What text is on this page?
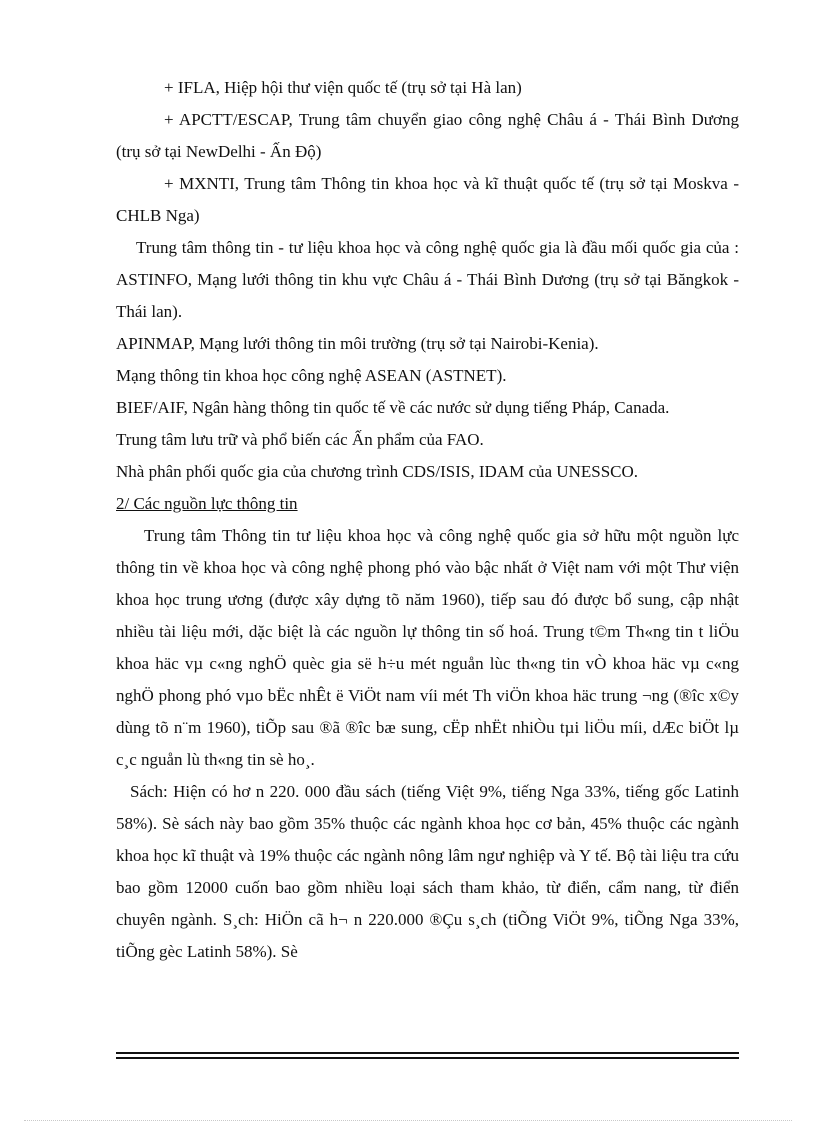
+ IFLA, Hiệp hội thư viện quốc tế (trụ sở tại Hà lan)

+ APCTT/ESCAP, Trung tâm chuyển giao công nghệ Châu á - Thái Bình Dương (trụ sở tại NewDelhi - Ấn Độ)

+ MXNTI, Trung tâm Thông tin khoa học và kĩ thuật quốc tế (trụ sở tại Moskva - CHLB Nga)

Trung tâm thông tin - tư liệu khoa học và công nghệ quốc gia là đầu mối quốc gia của : ASTINFO, Mạng lưới thông tin khu vực Châu á - Thái Bình Dương (trụ sở tại Băngkok - Thái lan).

APINMAP, Mạng lưới thông tin môi trường (trụ sở tại Nairobi-Kenia).

Mạng thông tin khoa học công nghệ ASEAN (ASTNET).

BIEF/AIF, Ngân hàng thông tin quốc tế về các nước sử dụng tiếng Pháp, Canada.

Trung tâm lưu trữ và phổ biến các Ấn phẩm của FAO.

Nhà phân phối quốc gia của chương trình CDS/ISIS, IDAM của UNESSCO.

2/ Các nguồn lực thông tin

Trung tâm Thông tin tư liệu khoa học và công nghệ quốc gia sở hữu một nguồn lực thông tin về khoa học và công nghệ phong phó vào bậc nhất ở Việt nam với một Thư viện khoa học trung ương (được xây dựng tõ năm 1960), tiếp sau đó được bổ sung, cập nhật nhiều tài liệu mới, dặc biệt là các nguồn lự thông tin số hoá. Trung t©m Th«ng tin t liÖu khoa häc vµ c«ng nghÖ quèc gia së h÷u mét nguån lùc th«ng tin vÒ khoa häc vµ c«ng nghÖ phong phó vµo bËc nhÊt ë ViÖt nam víi mét Th viÖn khoa häc trung ¬ng (®îc x©y dùng tõ n¨m 1960), tiÕp sau ®ã ®îc bæ sung, cËp nhËt nhiÒu tµi liÖu míi, dÆc biÖt lµ c¸c nguån lù th«ng tin sè ho¸.

Sách: Hiện có hơ n 220. 000 đầu sách (tiếng Việt 9%, tiếng Nga 33%, tiếng gốc Latinh 58%). Sè sách này bao gồm 35% thuộc các ngành khoa học cơ bản, 45% thuộc các ngành khoa học kĩ thuật và 19% thuộc các ngành nông lâm ngư nghiệp và Y tế. Bộ tài liệu tra cứu bao gồm 12000 cuốn bao gồm nhiều loại sách tham khảo, từ điển, cẩm nang, từ điển chuyên ngành. S¸ch: HiÖn cã h¬ n 220.000 ®Çu s¸ch (tiÕng ViÖt 9%, tiÕng Nga 33%, tiÕng gèc Latinh 58%). Sè
